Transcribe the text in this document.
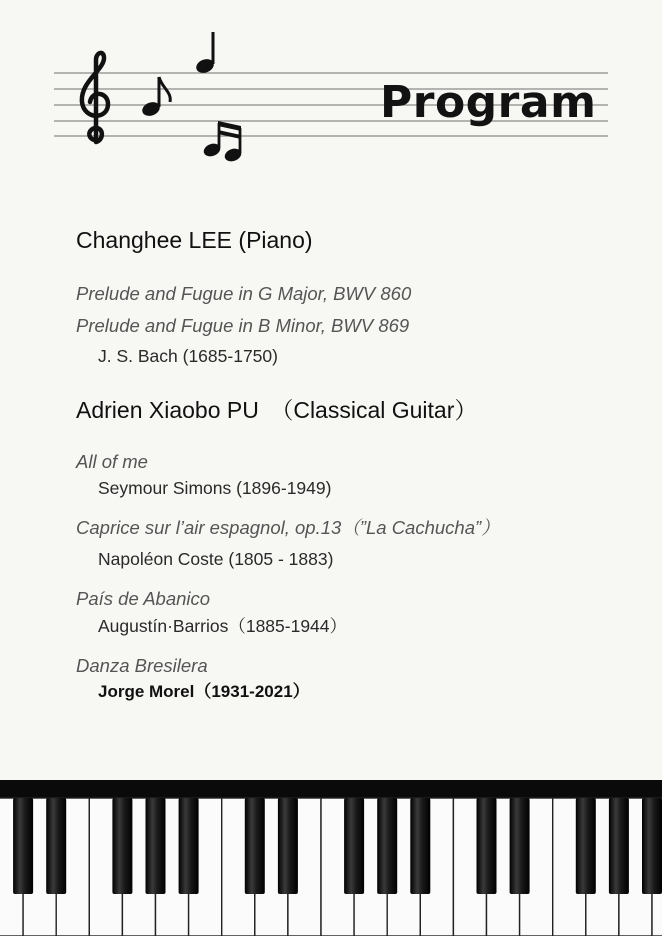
Program
Changhee LEE (Piano)
Prelude and Fugue in G Major, BWV 860
Prelude and Fugue in B Minor, BWV 869
J. S. Bach (1685-1750)
Adrien Xiaobo PU　（Classical Guitar）
All of me
Seymour Simons (1896-1949)
Caprice sur l’air espagnol, op.13（”La Cachucha”）
Napoléon Coste (1805 - 1883)
País de Abanico
Augustín·Barrios（1885-1944）
Danza Bresilera
Jorge Morel（1931-2021）
